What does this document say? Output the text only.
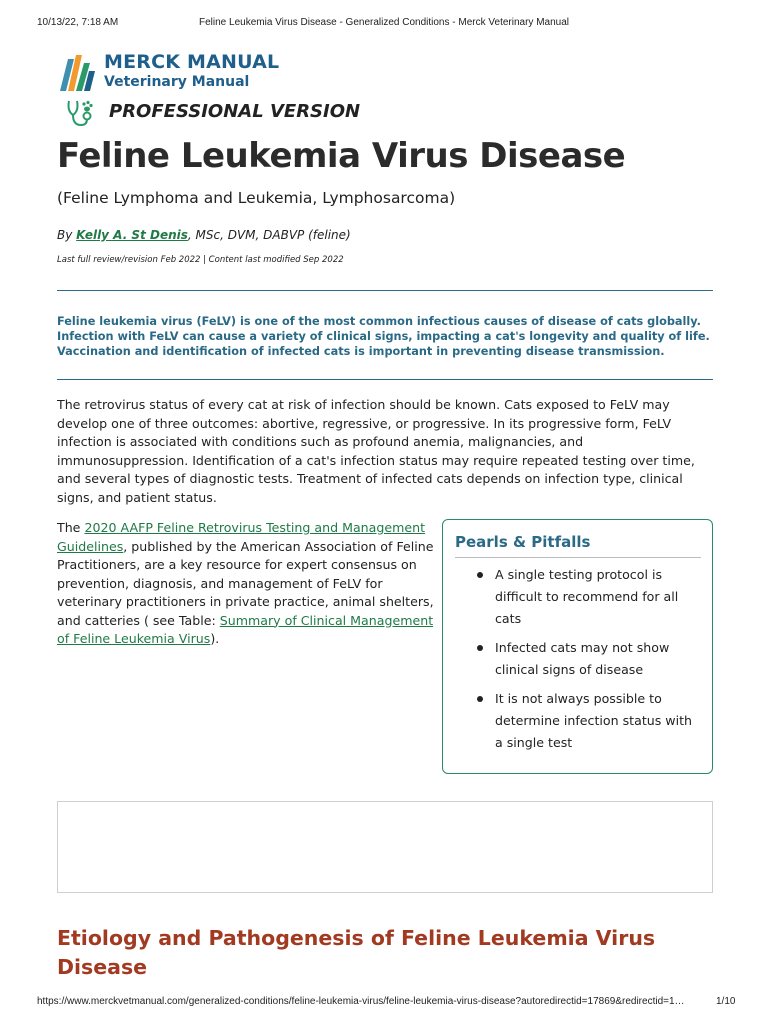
10/13/22, 7:18 AM	Feline Leukemia Virus Disease - Generalized Conditions - Merck Veterinary Manual
MERCK MANUAL
Veterinary Manual
PROFESSIONAL VERSION
Feline Leukemia Virus Disease
(Feline Lymphoma and Leukemia, Lymphosarcoma)
By Kelly A. St Denis, MSc, DVM, DABVP (feline)
Last full review/revision Feb 2022 | Content last modified Sep 2022

Feline leukemia virus (FeLV) is one of the most common infectious causes of disease of cats globally. Infection with FeLV can cause a variety of clinical signs, impacting a cat's longevity and quality of life. Vaccination and identification of infected cats is important in preventing disease transmission.

The retrovirus status of every cat at risk of infection should be known. Cats exposed to FeLV may develop one of three outcomes: abortive, regressive, or progressive. In its progressive form, FeLV infection is associated with conditions such as profound anemia, malignancies, and immunosuppression. Identification of a cat's infection status may require repeated testing over time, and several types of diagnostic tests. Treatment of infected cats depends on infection type, clinical signs, and patient status.

The 2020 AAFP Feline Retrovirus Testing and Management Guidelines, published by the American Association of Feline Practitioners, are a key resource for expert consensus on prevention, diagnosis, and management of FeLV for veterinary practitioners in private practice, animal shelters, and catteries ( see Table: Summary of Clinical Management of Feline Leukemia Virus).

Pearls & Pitfalls
A single testing protocol is difficult to recommend for all cats
Infected cats may not show clinical signs of disease
It is not always possible to determine infection status with a single test
Etiology and Pathogenesis of Feline Leukemia Virus Disease
https://www.merckvetmanual.com/generalized-conditions/feline-leukemia-virus/feline-leukemia-virus-disease?autoredirectid=17869&redirectid=1…	1/10
